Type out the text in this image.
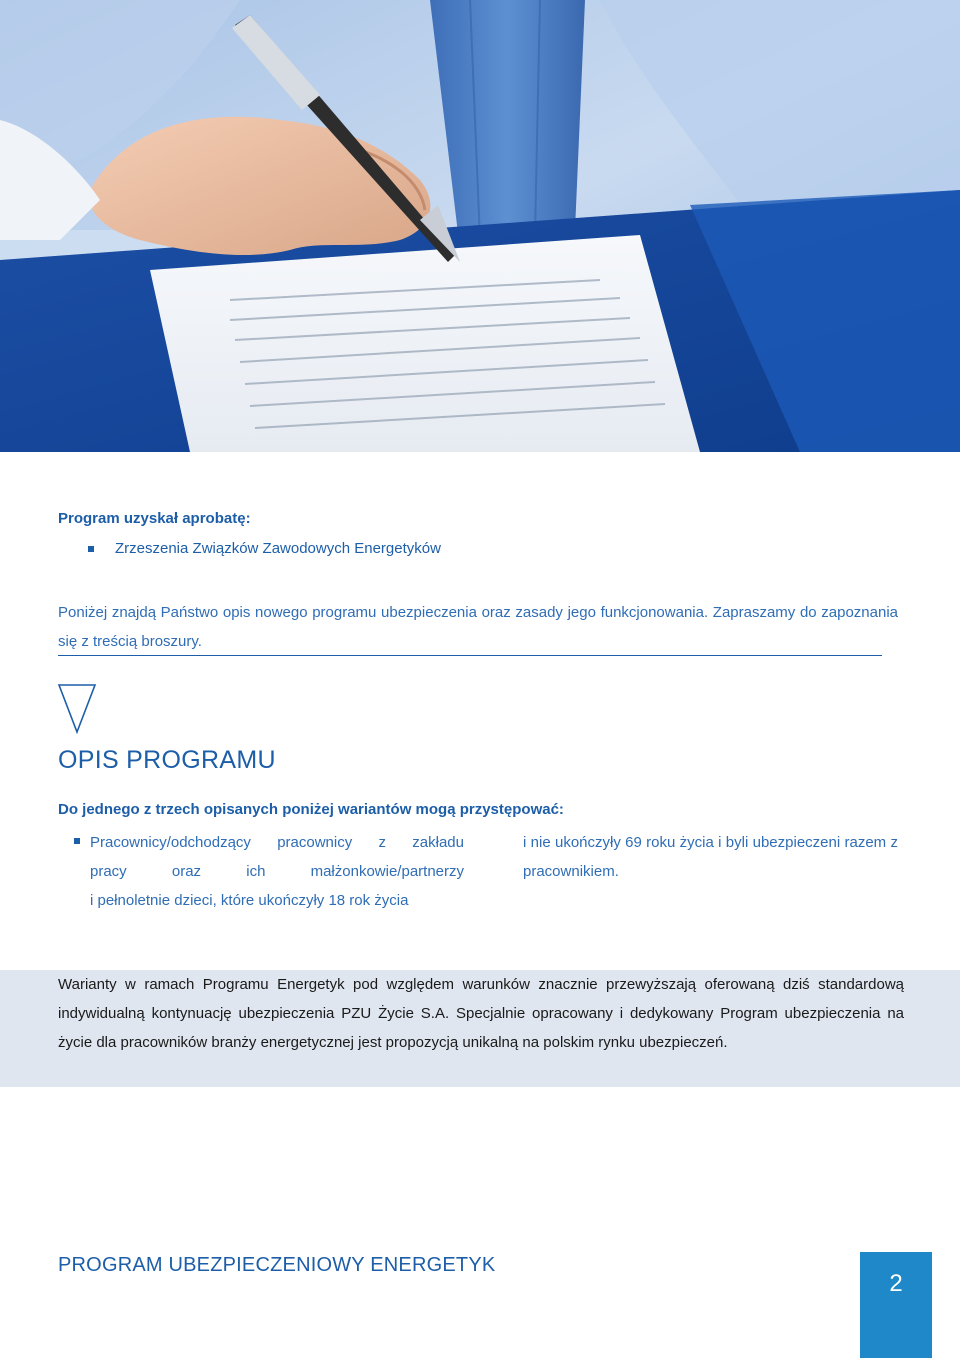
Program uzyskał aprobatę:
Zrzeszenia Związków Zawodowych Energetyków
Poniżej znajdą Państwo opis nowego programu ubezpieczenia oraz zasady jego funkcjonowania. Zapraszamy do zapoznania się z treścią broszury.
OPIS PROGRAMU
Do jednego z trzech opisanych poniżej wariantów mogą przystępować:
Pracownicy/odchodzący pracownicy z zakładu
pracy oraz ich małżonkowie/partnerzy
i pełnoletnie dzieci, które ukończyły 18 rok życia
i nie ukończyły 69 roku życia i byli ubezpieczeni razem z pracownikiem.
Warianty w ramach Programu Energetyk pod względem warunków znacznie przewyższają oferowaną dziś standardową indywidualną kontynuację ubezpieczenia PZU Życie S.A. Specjalnie opracowany i dedykowany Program ubezpieczenia na życie dla pracowników branży energetycznej jest propozycją unikalną na polskim rynku ubezpieczeń.
PROGRAM UBEZPIECZENIOWY ENERGETYK
2
